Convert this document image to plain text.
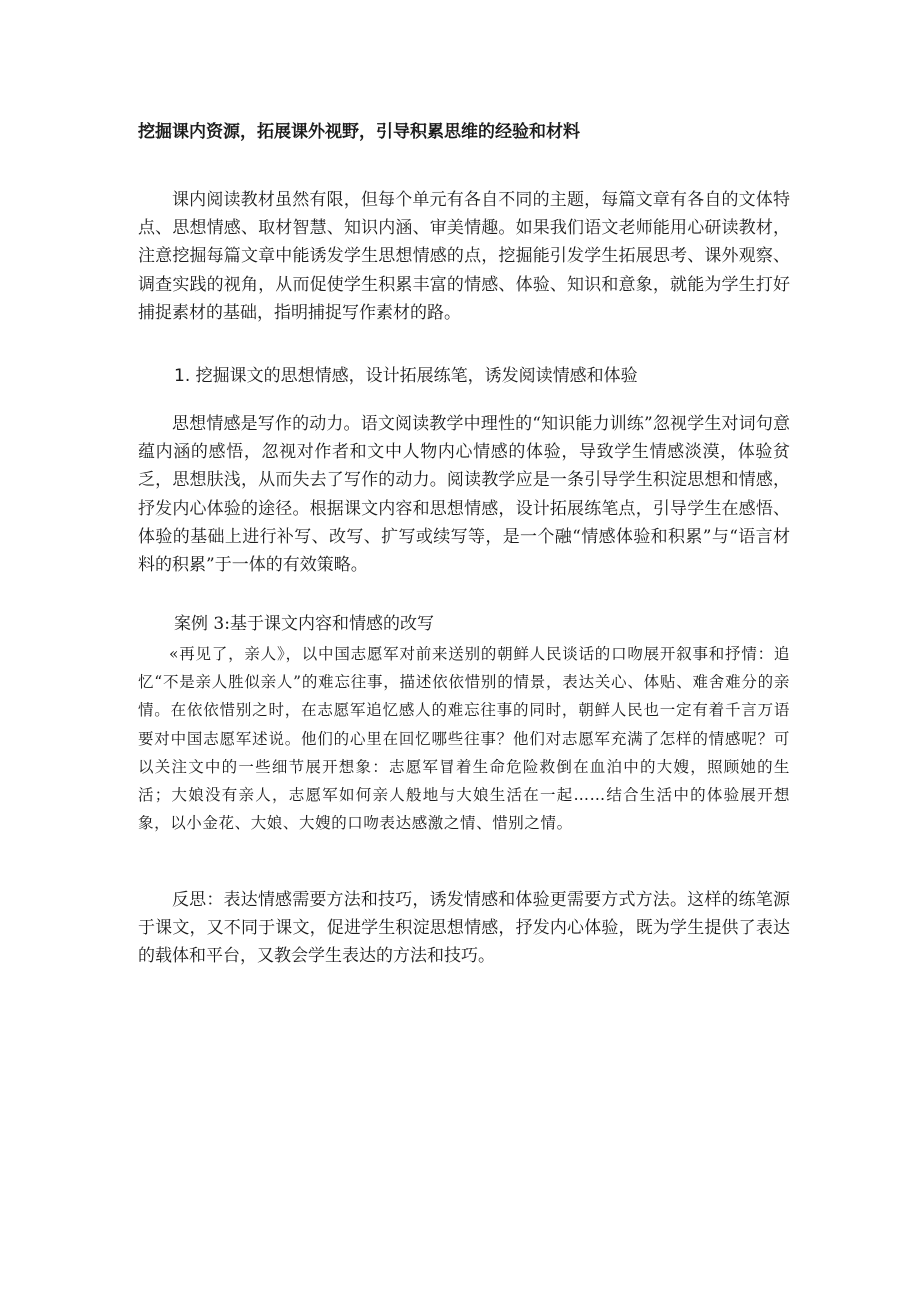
挖掘课内资源，拓展课外视野，引导积累思维的经验和材料

课内阅读教材虽然有限，但每个单元有各自不同的主题，每篇文章有各自的文体特点、思想情感、取材智慧、知识内涵、审美情趣。如果我们语文老师能用心研读教材，注意挖掘每篇文章中能诱发学生思想情感的点，挖掘能引发学生拓展思考、课外观察、调查实践的视角，从而促使学生积累丰富的情感、体验、知识和意象，就能为学生打好捕捉素材的基础，指明捕捉写作素材的路。

1. 挖掘课文的思想情感，设计拓展练笔，诱发阅读情感和体验

思想情感是写作的动力。语文阅读教学中理性的“知识能力训练”忽视学生对词句意蕴内涵的感悟，忽视对作者和文中人物内心情感的体验，导致学生情感淡漠，体验贫乏，思想肤浅，从而失去了写作的动力。阅读教学应是一条引导学生积淀思想和情感，抒发内心体验的途径。根据课文内容和思想情感，设计拓展练笔点，引导学生在感悟、体验的基础上进行补写、改写、扩写或续写等，是一个融“情感体验和积累”与“语言材料的积累”于一体的有效策略。

案例 3:基于课文内容和情感的改写

«再见了，亲人》，以中国志愿军对前来送别的朝鲜人民谈话的口吻展开叙事和抒情：追忆“不是亲人胜似亲人”的难忘往事，描述依依惜别的情景，表达关心、体贴、难舍难分的亲情。在依依惜别之时，在志愿军追忆感人的难忘往事的同时，朝鲜人民也一定有着千言万语要对中国志愿军述说。他们的心里在回忆哪些往事？他们对志愿军充满了怎样的情感呢？可以关注文中的一些细节展开想象：志愿军冒着生命危险救倒在血泊中的大嫂，照顾她的生活；大娘没有亲人，志愿军如何亲人般地与大娘生活在一起……结合生活中的体验展开想象，以小金花、大娘、大嫂的口吻表达感激之情、惜别之情。

反思：表达情感需要方法和技巧，诱发情感和体验更需要方式方法。这样的练笔源于课文，又不同于课文，促进学生积淀思想情感，抒发内心体验，既为学生提供了表达的载体和平台，又教会学生表达的方法和技巧。
